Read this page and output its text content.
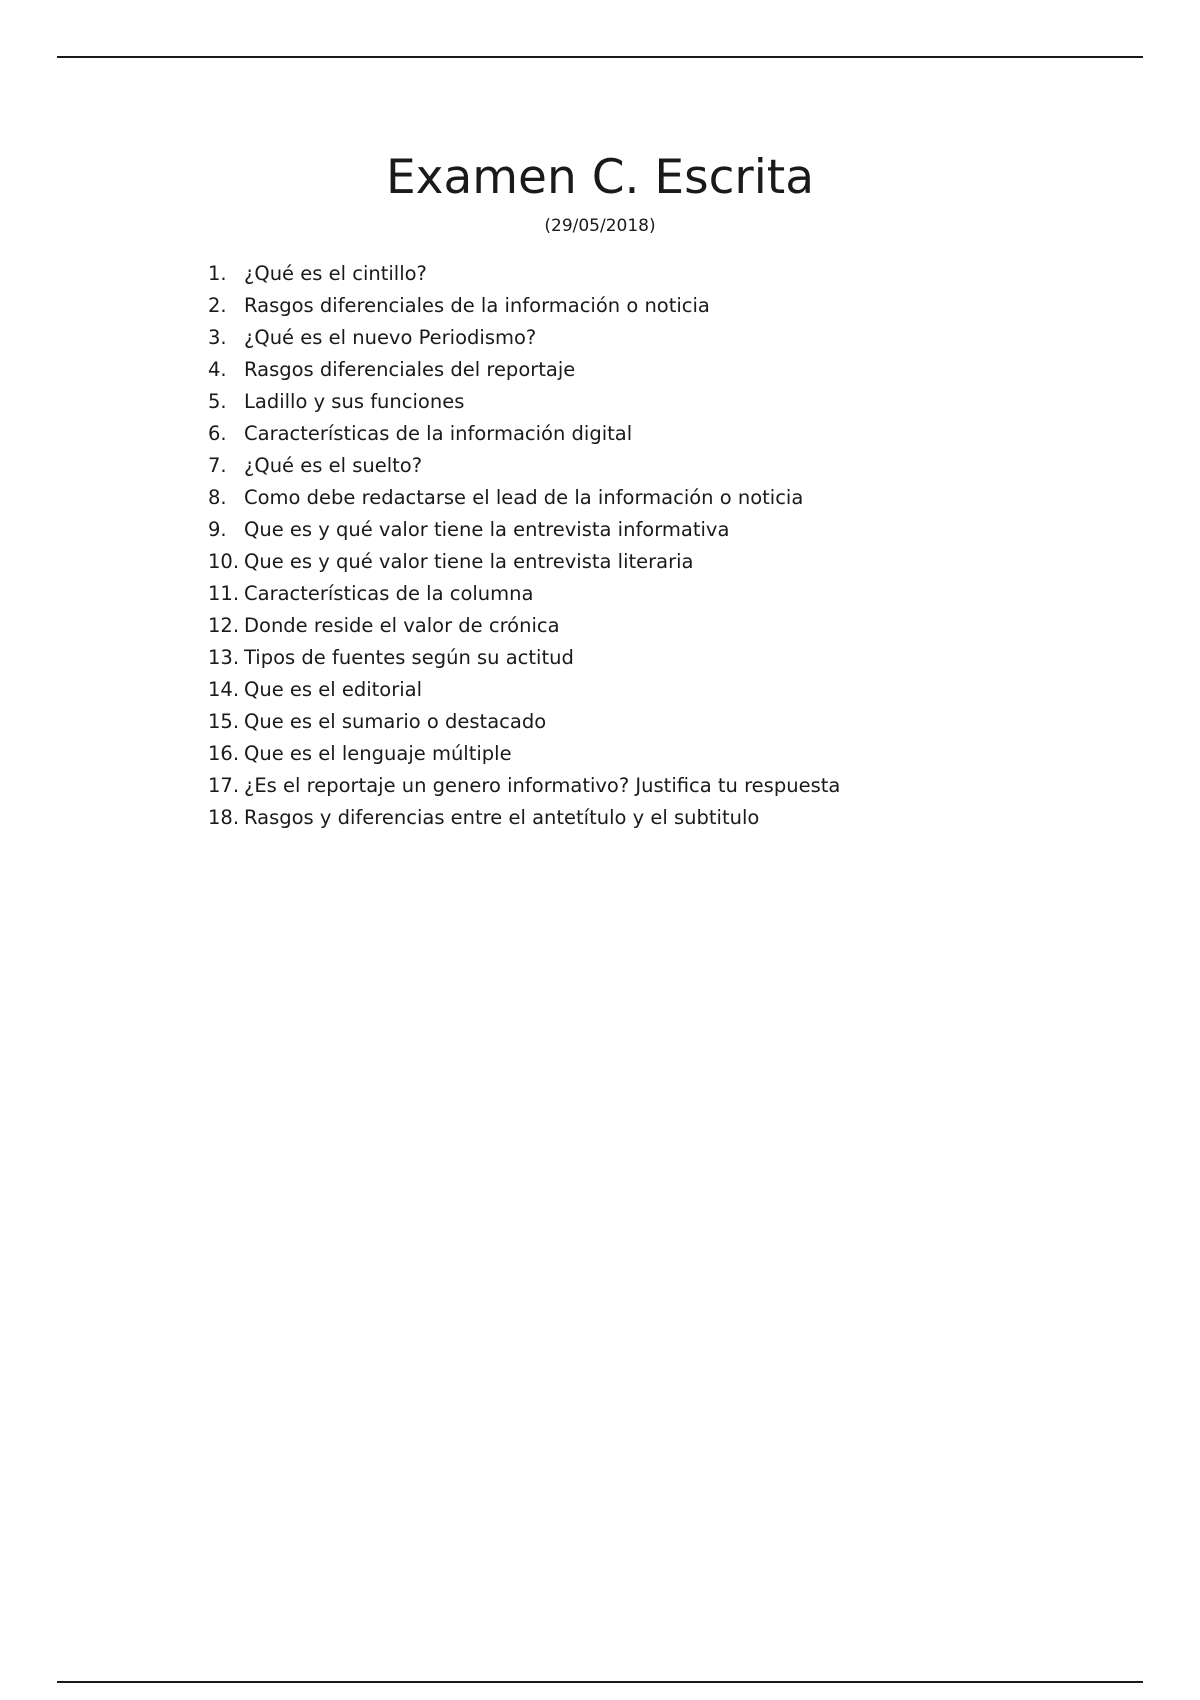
Examen C. Escrita
(29/05/2018)
1. ¿Qué es el cintillo?
2. Rasgos diferenciales de la información o noticia
3. ¿Qué es el nuevo Periodismo?
4. Rasgos diferenciales del reportaje
5. Ladillo y sus funciones
6. Características de la información digital
7. ¿Qué es el suelto?
8. Como debe redactarse el lead de la información o noticia
9. Que es y qué valor tiene la entrevista informativa
10. Que es y qué valor tiene la entrevista literaria
11. Características de la columna
12. Donde reside el valor de crónica
13. Tipos de fuentes según su actitud
14. Que es el editorial
15. Que es el sumario o destacado
16. Que es el lenguaje múltiple
17. ¿Es el reportaje un genero informativo? Justifica tu respuesta
18. Rasgos y diferencias entre el antetítulo y el subtitulo
